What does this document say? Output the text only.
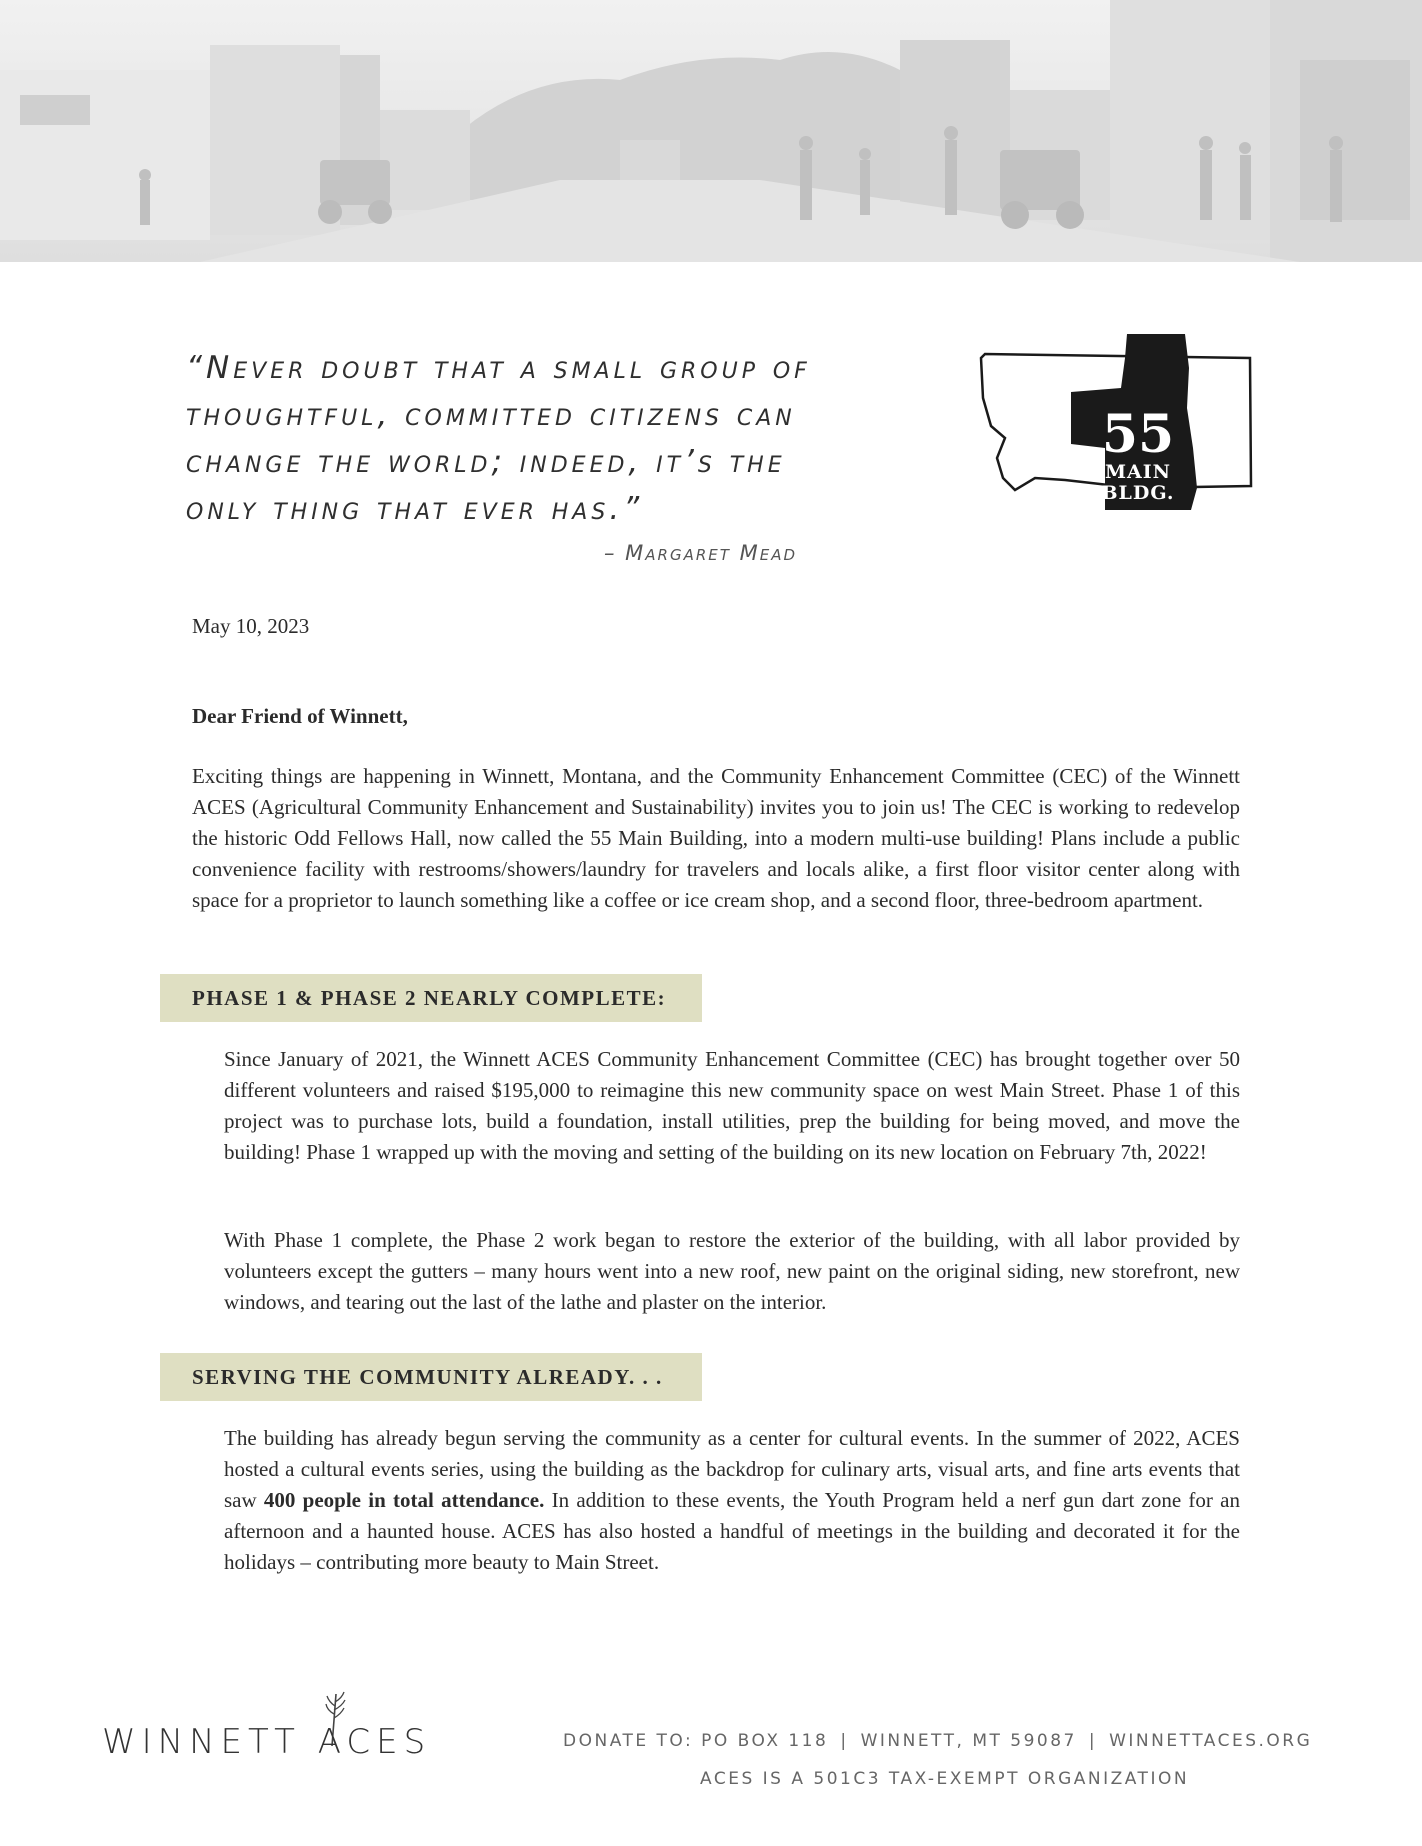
“Never doubt that a small group of
thoughtful, committed citizens can
change the world; indeed, it’s the
only thing that ever has.”
– Margaret Mead
55
MAIN
BLDG.
May 10, 2023
Dear Friend of Winnett,
Exciting things are happening in Winnett, Montana, and the Community Enhancement Committee (CEC) of the Winnett ACES (Agricultural Community Enhancement and Sustainability) invites you to join us! The CEC is working to redevelop the historic Odd Fellows Hall, now called the 55 Main Building, into a modern multi-use building! Plans include a public convenience facility with restrooms/showers/laundry for travelers and locals alike, a first floor visitor center along with space for a proprietor to launch something like a coffee or ice cream shop, and a second floor, three-bedroom apartment.
PHASE 1 & PHASE 2 NEARLY COMPLETE:
Since January of 2021, the Winnett ACES Community Enhancement Committee (CEC) has brought together over 50 different volunteers and raised $195,000 to reimagine this new community space on west Main Street. Phase 1 of this project was to purchase lots, build a foundation, install utilities, prep the building for being moved, and move the building! Phase 1 wrapped up with the moving and setting of the building on its new location on February 7th, 2022!
With Phase 1 complete, the Phase 2 work began to restore the exterior of the building, with all labor provided by volunteers except the gutters – many hours went into a new roof, new paint on the original siding, new storefront, new windows, and tearing out the last of the lathe and plaster on the interior.
SERVING THE COMMUNITY ALREADY. . .
The building has already begun serving the community as a center for cultural events. In the summer of 2022, ACES hosted a cultural events series, using the building as the backdrop for culinary arts, visual arts, and fine arts events that saw 400 people in total attendance. In addition to these events, the Youth Program held a nerf gun dart zone for an afternoon and a haunted house. ACES has also hosted a handful of meetings in the building and decorated it for the holidays – contributing more beauty to Main Street.
WINNETT ACES	DONATE TO: PO BOX 118 | WINNETT, MT 59087 | WINNETTACES.ORG
ACES IS A 501C3 TAX-EXEMPT ORGANIZATION
